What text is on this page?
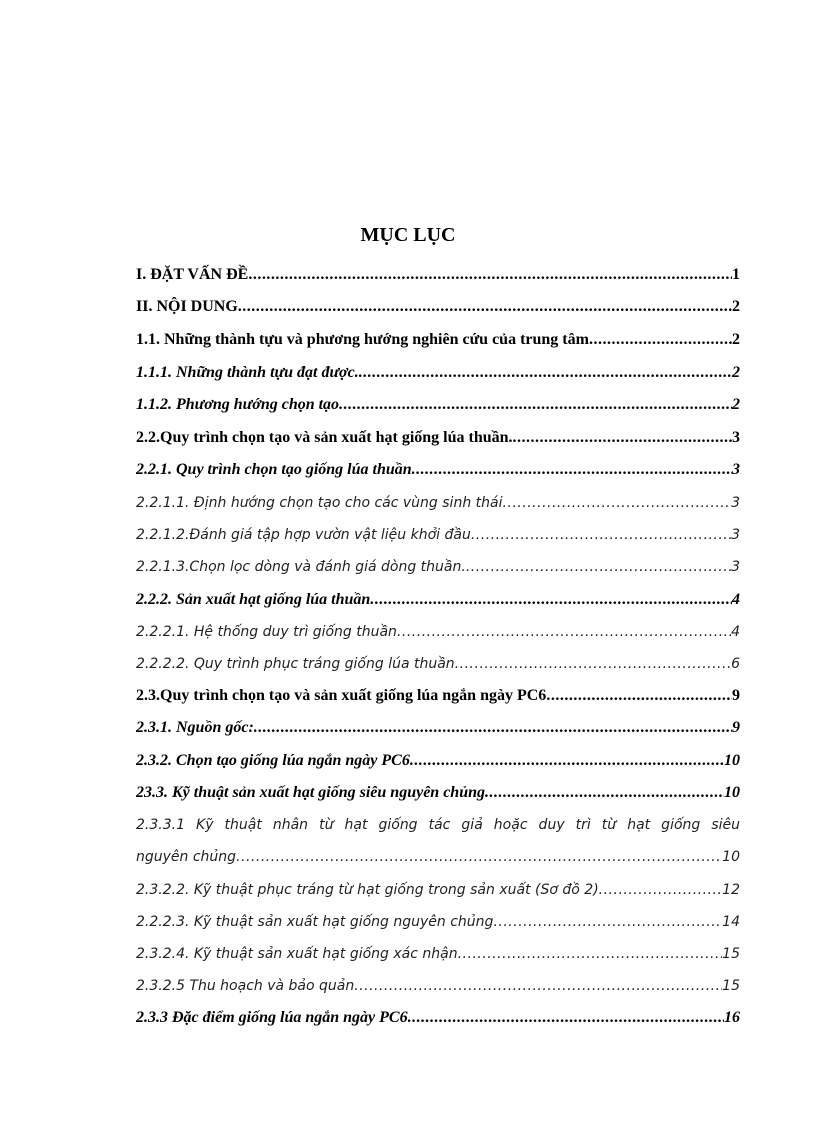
MỤC LỤC
I. ĐẶT VẤN ĐỀ .....	1
II. NỘI DUNG .....	2
1.1. Những thành tựu và phương hướng nghiên cứu của trung tâm .....	2
1.1.1. Những thành tựu đạt được. .....	2
1.1.2. Phương hướng chọn tạo .....	2
2.2.Quy trình chọn tạo và sản xuất hạt giống lúa thuần. .....	3
2.2.1. Quy trình chọn tạo giống lúa thuần .....	3
2.2.1.1. Định hướng chọn tạo cho các vùng sinh thái .....	3
2.2.1.2.Đánh giá tập hợp vườn vật liệu khởi đầu .....	3
2.2.1.3.Chọn lọc dòng và đánh giá dòng thuần. .....	3
2.2.2. Sản xuất hạt giống lúa thuần .....	4
2.2.2.1. Hệ thống duy trì giống thuần .....	4
2.2.2.2. Quy trình phục tráng giống lúa thuần .....	6
2.3.Quy trình chọn tạo và sản xuất giống lúa ngắn ngày PC6 .....	9
2.3.1. Nguồn gốc: .....	9
2.3.2. Chọn tạo giống lúa ngắn ngày PC6 .....	10
23.3. Kỹ thuật sản xuất hạt giống siêu nguyên chủng .....	10
2.3.3.1 Kỹ thuật nhân từ hạt giống tác giả hoặc duy trì từ hạt giống siêu
nguyên chủng .....	10
2.3.2.2. Kỹ thuật phục tráng từ hạt giống trong sản xuất (Sơ đồ 2) .....	12
2.2.2.3. Kỹ thuật sản xuất hạt giống nguyên chủng .....	14
2.3.2.4. Kỹ thuật sản xuất hạt giống xác nhận .....	15
2.3.2.5 Thu hoạch và bảo quản .....	15
2.3.3 Đặc điểm giống lúa ngắn ngày PC6 .....	16
